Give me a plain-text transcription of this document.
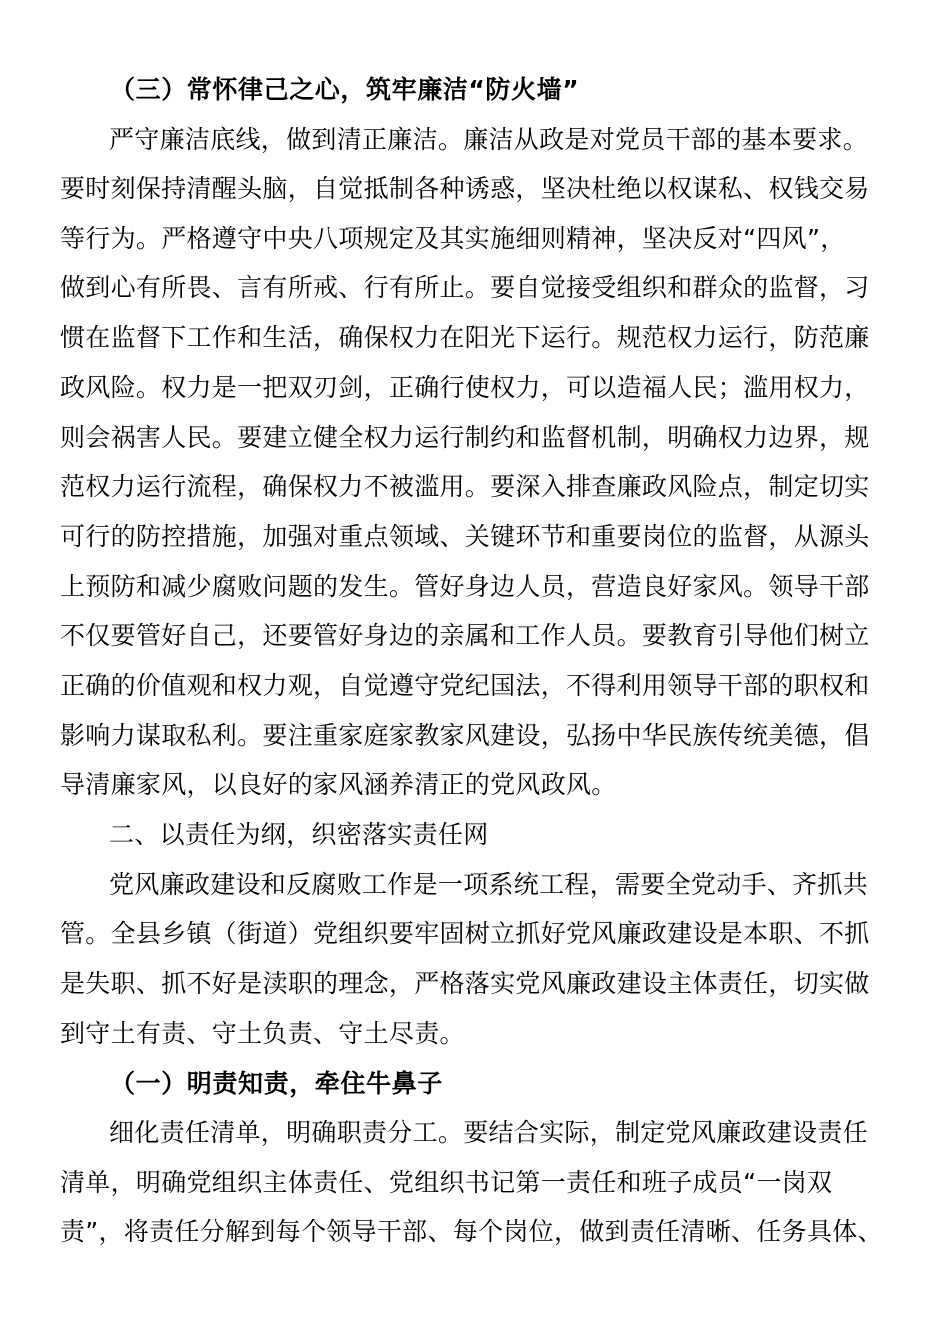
（三）常怀律己之心，筑牢廉洁“防火墙”
严守廉洁底线，做到清正廉洁。廉洁从政是对党员干部的基本要求。
要时刻保持清醒头脑，自觉抵制各种诱惑，坚决杜绝以权谋私、权钱交易
等行为。严格遵守中央八项规定及其实施细则精神，坚决反对“四风”，
做到心有所畏、言有所戒、行有所止。要自觉接受组织和群众的监督，习
惯在监督下工作和生活，确保权力在阳光下运行。规范权力运行，防范廉
政风险。权力是一把双刃剑，正确行使权力，可以造福人民；滥用权力，
则会祸害人民。要建立健全权力运行制约和监督机制，明确权力边界，规
范权力运行流程，确保权力不被滥用。要深入排查廉政风险点，制定切实
可行的防控措施，加强对重点领域、关键环节和重要岗位的监督，从源头
上预防和减少腐败问题的发生。管好身边人员，营造良好家风。领导干部
不仅要管好自己，还要管好身边的亲属和工作人员。要教育引导他们树立
正确的价值观和权力观，自觉遵守党纪国法，不得利用领导干部的职权和
影响力谋取私利。要注重家庭家教家风建设，弘扬中华民族传统美德，倡
导清廉家风，以良好的家风涵养清正的党风政风。
二、以责任为纲，织密落实责任网
党风廉政建设和反腐败工作是一项系统工程，需要全党动手、齐抓共
管。全县乡镇（街道）党组织要牢固树立抓好党风廉政建设是本职、不抓
是失职、抓不好是渎职的理念，严格落实党风廉政建设主体责任，切实做
到守土有责、守土负责、守土尽责。
（一）明责知责，牵住牛鼻子
细化责任清单，明确职责分工。要结合实际，制定党风廉政建设责任
清单，明确党组织主体责任、党组织书记第一责任和班子成员“一岗双
责”，将责任分解到每个领导干部、每个岗位，做到责任清晰、任务具体、
